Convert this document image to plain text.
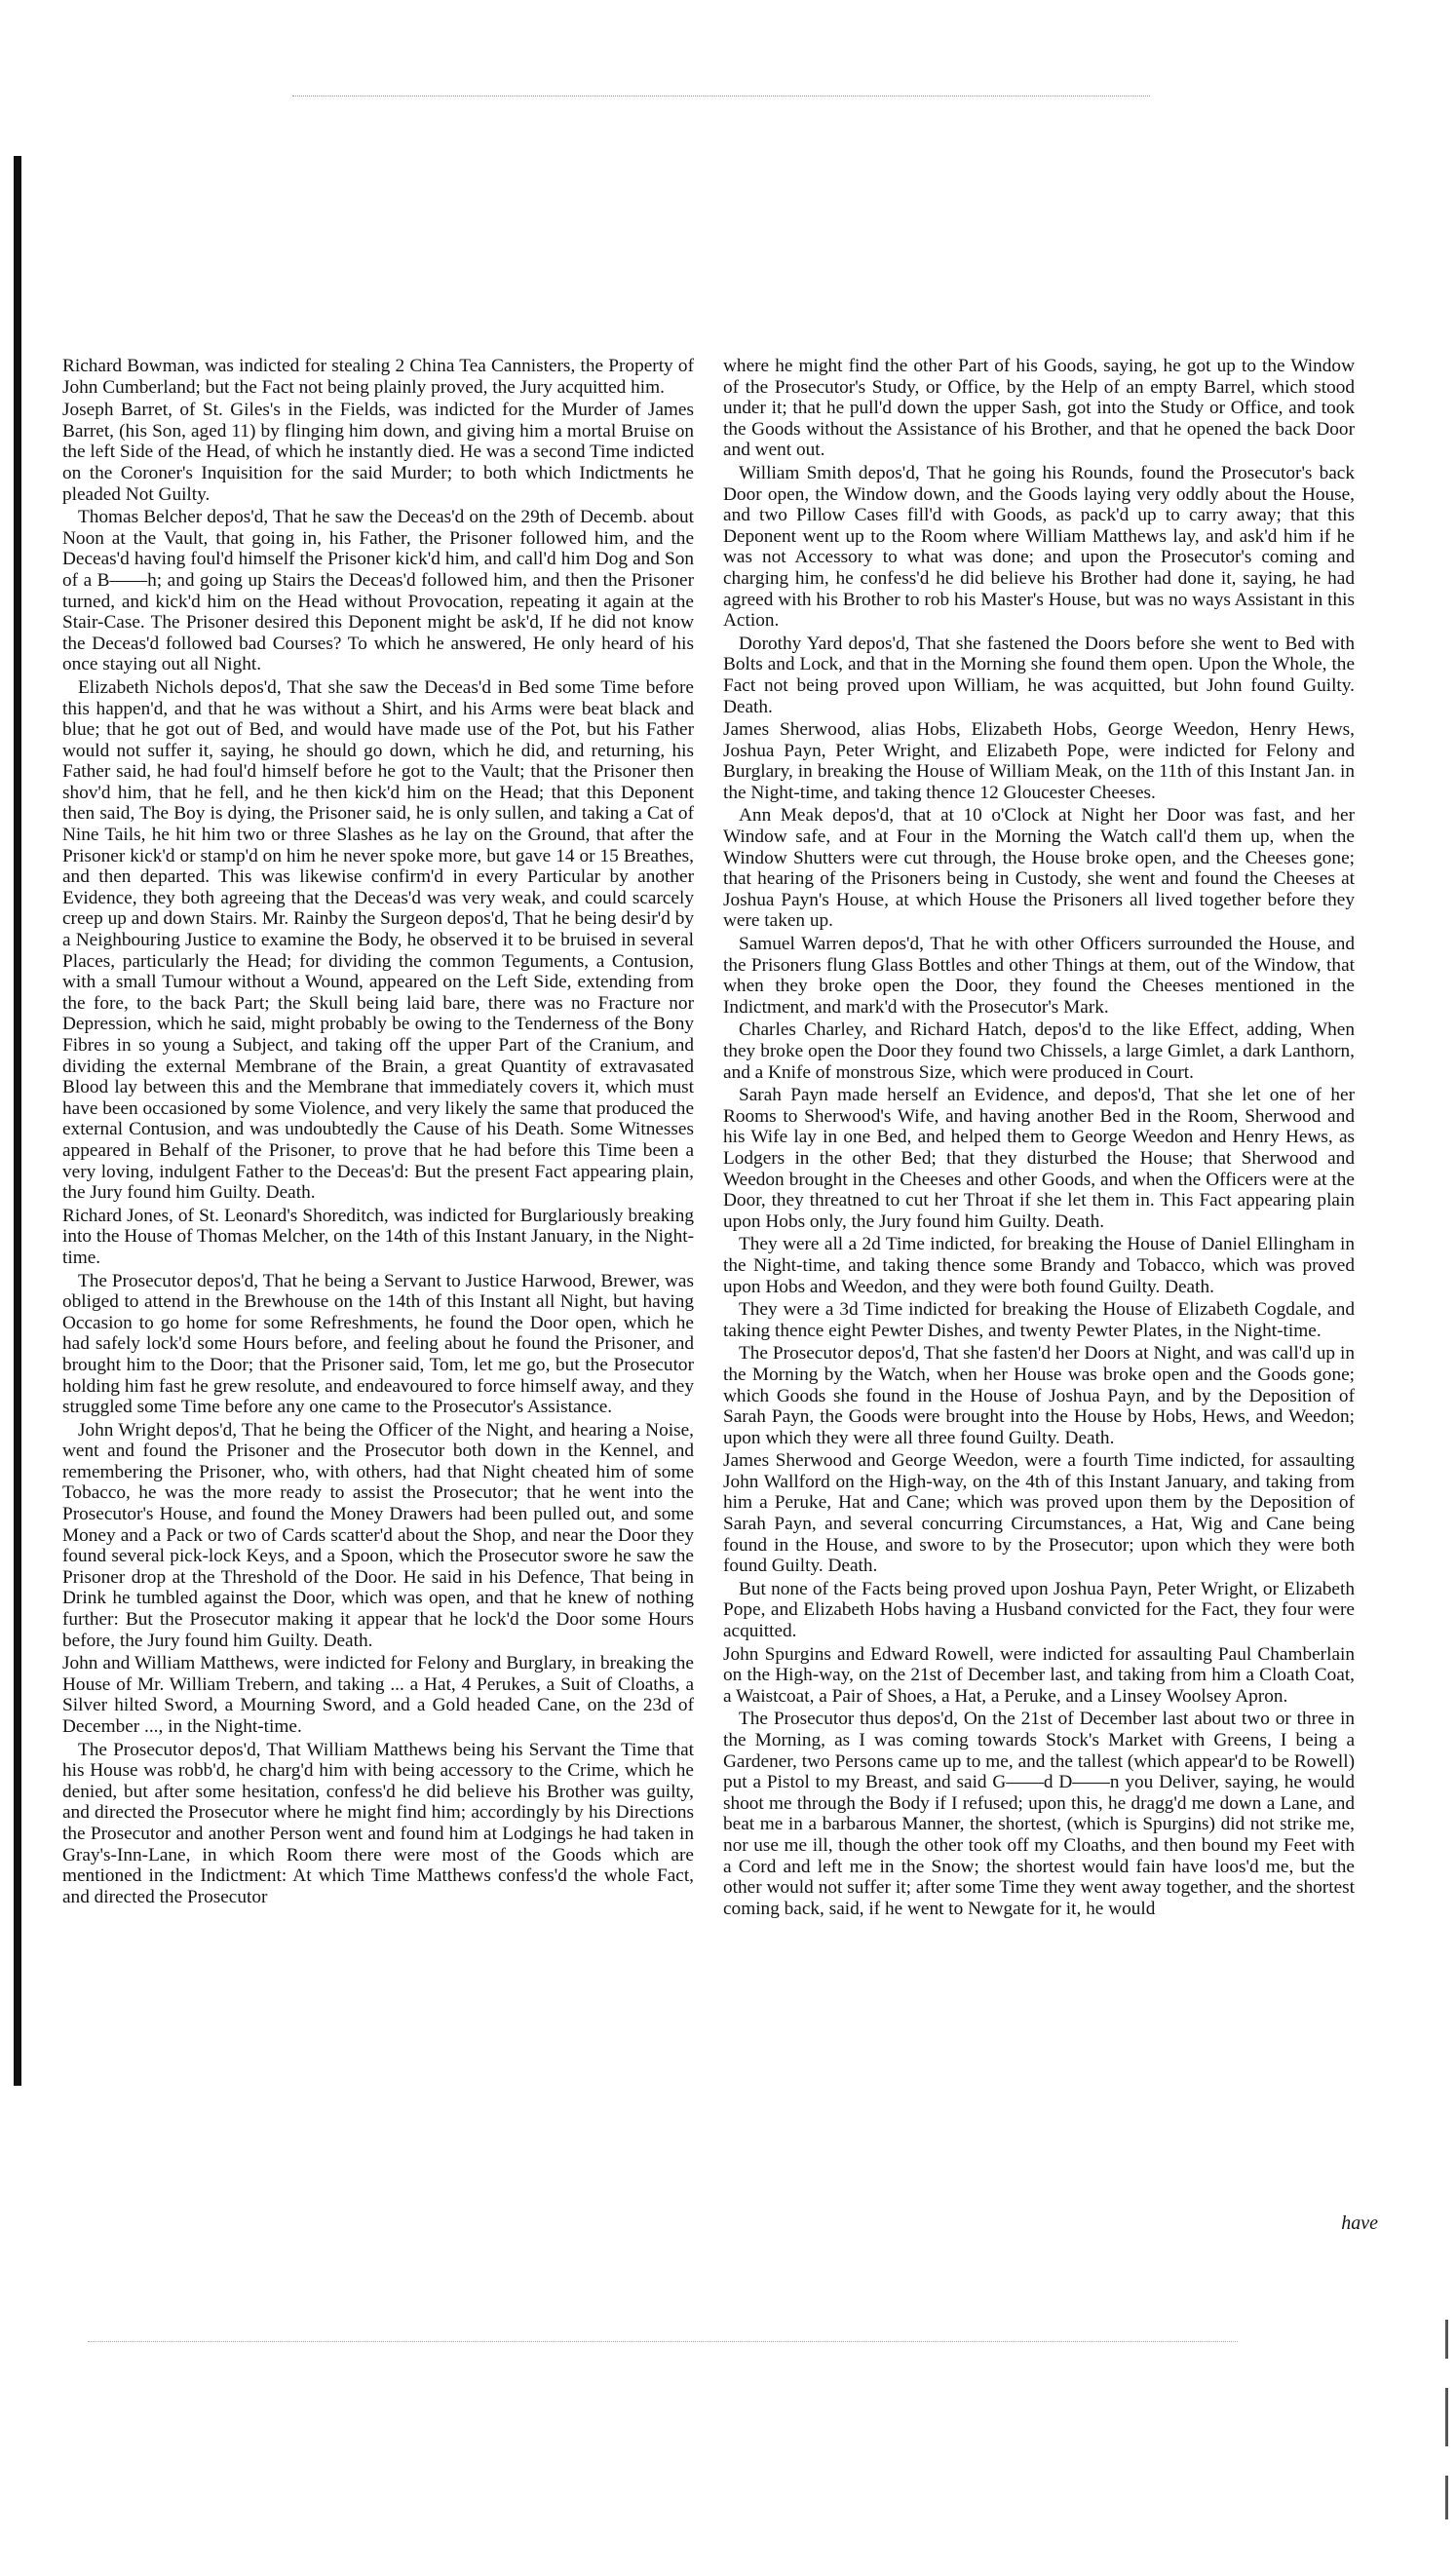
Richard Bowman, was indicted for stealing 2 China Tea Cannisters, the Property of John Cumberland; but the Fact not being plainly proved, the Jury acquitted him.

Joseph Barret, of St. Giles's in the Fields, was indicted for the Murder of James Barret, (his Son, aged 11) by flinging him down, and giving him a mortal Bruise on the left Side of the Head, of which he instantly died. He was a second Time indicted on the Coroner's Inquisition for the said Murder; to both which Indictments he pleaded Not Guilty.

Thomas Belcher depos'd, That he saw the Deceas'd on the 29th of Decemb. about Noon at the Vault, that going in, his Father, the Prisoner followed him, and the Deceas'd having foul'd himself the Prisoner kick'd him, and call'd him Dog and Son of a B——h; and going up Stairs the Deceas'd followed him, and then the Prisoner turned, and kick'd him on the Head without Provocation, repeating it again at the Stair-Case. The Prisoner desired this Deponent might be ask'd, If he did not know the Deceas'd followed bad Courses? To which he answered, He only heard of his once staying out all Night.

Elizabeth Nichols depos'd, That she saw the Deceas'd in Bed some Time before this happen'd, and that he was without a Shirt, and his Arms were beat black and blue; that he got out of Bed, and would have made use of the Pot, but his Father would not suffer it, saying, he should go down, which he did, and returning, his Father said, he had foul'd himself before he got to the Vault; that the Prisoner then shov'd him, that he fell, and he then kick'd him on the Head; that this Deponent then said, The Boy is dying, the Prisoner said, he is only sullen, and taking a Cat of Nine Tails, he hit him two or three Slashes as he lay on the Ground, that after the Prisoner kick'd or stamp'd on him he never spoke more, but gave 14 or 15 Breathes, and then departed. This was likewise confirm'd in every Particular by another Evidence, they both agreeing that the Deceas'd was very weak, and could scarcely creep up and down Stairs. Mr. Rainby the Surgeon depos'd, That he being desir'd by a Neighbouring Justice to examine the Body, he observed it to be bruised in several Places, particularly the Head; for dividing the common Teguments, a Contusion, with a small Tumour without a Wound, appeared on the Left Side, extending from the fore, to the back Part; the Skull being laid bare, there was no Fracture nor Depression, which he said, might probably be owing to the Tenderness of the Bony Fibres in so young a Subject, and taking off the upper Part of the Cranium, and dividing the external Membrane of the Brain, a great Quantity of extravasated Blood lay between this and the Membrane that immediately covers it, which must have been occasioned by some Violence, and very likely the same that produced the external Contusion, and was undoubtedly the Cause of his Death. Some Witnesses appeared in Behalf of the Prisoner, to prove that he had before this Time been a very loving, indulgent Father to the Deceas'd: But the present Fact appearing plain, the Jury found him Guilty. Death.

Richard Jones, of St. Leonard's Shoreditch, was indicted for Burglariously breaking into the House of Thomas Melcher, on the 14th of this Instant January, in the Night-time.

The Prosecutor depos'd, That he being a Servant to Justice Harwood, Brewer, was obliged to attend in the Brewhouse on the 14th of this Instant all Night, but having Occasion to go home for some Refreshments, he found the Door open, which he had safely lock'd some Hours before, and feeling about he found the Prisoner, and brought him to the Door; that the Prisoner said, Tom, let me go, but the Prosecutor holding him fast he grew resolute, and endeavoured to force himself away, and they struggled some Time before any one came to the Prosecutor's Assistance.

John Wright depos'd, That he being the Officer of the Night, and hearing a Noise, went and found the Prisoner and the Prosecutor both down in the Kennel, and remembering the Prisoner, who, with others, had that Night cheated him of some Tobacco, he was the more ready to assist the Prosecutor; that he went into the Prosecutor's House, and found the Money Drawers had been pulled out, and some Money and a Pack or two of Cards scatter'd about the Shop, and near the Door they found several pick-lock Keys, and a Spoon, which the Prosecutor swore he saw the Prisoner drop at the Threshold of the Door. He said in his Defence, That being in Drink he tumbled against the Door, which was open, and that he knew of nothing further: But the Prosecutor making it appear that he lock'd the Door some Hours before, the Jury found him Guilty. Death.

John and William Matthews, were indicted for Felony and Burglary, in breaking the House of Mr. William Trebern, and taking ... a Hat, 4 Perukes, a Suit of Cloaths, a Silver hilted Sword, a Mourning Sword, and a Gold headed Cane, on the 23d of December ..., in the Night-time.

The Prosecutor depos'd, That William Matthews being his Servant the Time that his House was robb'd, he charg'd him with being accessory to the Crime, which he denied, but after some hesitation, confess'd he did believe his Brother was guilty, and directed the Prosecutor where he might find him; accordingly by his Directions the Prosecutor and another Person went and found him at Lodgings he had taken in Gray's-Inn-Lane, in which Room there were most of the Goods which are mentioned in the Indictment: At which Time Matthews confess'd the whole Fact, and directed the Prosecutor

where he might find the other Part of his Goods, saying, he got up to the Window of the Prosecutor's Study, or Office, by the Help of an empty Barrel, which stood under it; that he pull'd down the upper Sash, got into the Study or Office, and took the Goods without the Assistance of his Brother, and that he opened the back Door and went out.

William Smith depos'd, That he going his Rounds, found the Prosecutor's back Door open, the Window down, and the Goods laying very oddly about the House, and two Pillow Cases fill'd with Goods, as pack'd up to carry away; that this Deponent went up to the Room where William Matthews lay, and ask'd him if he was not Accessory to what was done; and upon the Prosecutor's coming and charging him, he confess'd he did believe his Brother had done it, saying, he had agreed with his Brother to rob his Master's House, but was no ways Assistant in this Action.

Dorothy Yard depos'd, That she fastened the Doors before she went to Bed with Bolts and Lock, and that in the Morning she found them open. Upon the Whole, the Fact not being proved upon William, he was acquitted, but John found Guilty. Death.

James Sherwood, alias Hobs, Elizabeth Hobs, George Weedon, Henry Hews, Joshua Payn, Peter Wright, and Elizabeth Pope, were indicted for Felony and Burglary, in breaking the House of William Meak, on the 11th of this Instant Jan. in the Night-time, and taking thence 12 Gloucester Cheeses.

Ann Meak depos'd, that at 10 o'Clock at Night her Door was fast, and her Window safe, and at Four in the Morning the Watch call'd them up, when the Window Shutters were cut through, the House broke open, and the Cheeses gone; that hearing of the Prisoners being in Custody, she went and found the Cheeses at Joshua Payn's House, at which House the Prisoners all lived together before they were taken up.

Samuel Warren depos'd, That he with other Officers surrounded the House, and the Prisoners flung Glass Bottles and other Things at them, out of the Window, that when they broke open the Door, they found the Cheeses mentioned in the Indictment, and mark'd with the Prosecutor's Mark.

Charles Charley, and Richard Hatch, depos'd to the like Effect, adding, When they broke open the Door they found two Chissels, a large Gimlet, a dark Lanthorn, and a Knife of monstrous Size, which were produced in Court.

Sarah Payn made herself an Evidence, and depos'd, That she let one of her Rooms to Sherwood's Wife, and having another Bed in the Room, Sherwood and his Wife lay in one Bed, and helped them to George Weedon and Henry Hews, as Lodgers in the other Bed; that they disturbed the House; that Sherwood and Weedon brought in the Cheeses and other Goods, and when the Officers were at the Door, they threatned to cut her Throat if she let them in. This Fact appearing plain upon Hobs only, the Jury found him Guilty. Death.

They were all a 2d Time indicted, for breaking the House of Daniel Ellingham in the Night-time, and taking thence some Brandy and Tobacco, which was proved upon Hobs and Weedon, and they were both found Guilty. Death.

They were a 3d Time indicted for breaking the House of Elizabeth Cogdale, and taking thence eight Pewter Dishes, and twenty Pewter Plates, in the Night-time.

The Prosecutor depos'd, That she fasten'd her Doors at Night, and was call'd up in the Morning by the Watch, when her House was broke open and the Goods gone; which Goods she found in the House of Joshua Payn, and by the Deposition of Sarah Payn, the Goods were brought into the House by Hobs, Hews, and Weedon; upon which they were all three found Guilty. Death.

James Sherwood and George Weedon, were a fourth Time indicted, for assaulting John Wallford on the High-way, on the 4th of this Instant January, and taking from him a Peruke, Hat and Cane; which was proved upon them by the Deposition of Sarah Payn, and several concurring Circumstances, a Hat, Wig and Cane being found in the House, and swore to by the Prosecutor; upon which they were both found Guilty. Death.

But none of the Facts being proved upon Joshua Payn, Peter Wright, or Elizabeth Pope, and Elizabeth Hobs having a Husband convicted for the Fact, they four were acquitted.

John Spurgins and Edward Rowell, were indicted for assaulting Paul Chamberlain on the High-way, on the 21st of December last, and taking from him a Cloath Coat, a Waistcoat, a Pair of Shoes, a Hat, a Peruke, and a Linsey Woolsey Apron.

The Prosecutor thus depos'd, On the 21st of December last about two or three in the Morning, as I was coming towards Stock's Market with Greens, I being a Gardener, two Persons came up to me, and the tallest (which appear'd to be Rowell) put a Pistol to my Breast, and said G——d D——n you Deliver, saying, he would shoot me through the Body if I refused; upon this, he dragg'd me down a Lane, and beat me in a barbarous Manner, the shortest, (which is Spurgins) did not strike me, nor use me ill, though the other took off my Cloaths, and then bound my Feet with a Cord and left me in the Snow; the shortest would fain have loos'd me, but the other would not suffer it; after some Time they went away together, and the shortest coming back, said, if he went to Newgate for it, he would

have
